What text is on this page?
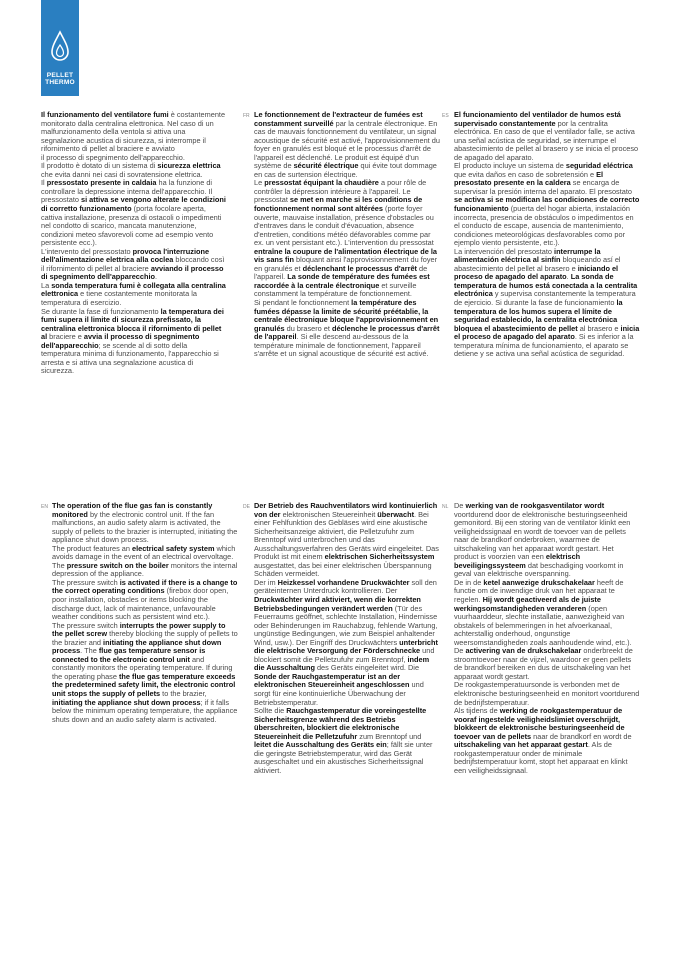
PELLET
THERMO

Il funzionamento del ventilatore fumi è costantemente monitorato dalla centralina elettronica. Nel caso di un malfunzionamento della ventola si attiva una segnalazione acustica di sicurezza, si interrompe il rifornimento di pellet al braciere e avviato
il processo di spegnimento dell'apparecchio.
Il prodotto è dotato di un sistema di sicurezza elettrica che evita danni nei casi di sovratensione elettrica.
Il pressostato presente in caldaia ha la funzione di controllare la depressione interna dell'apparecchio. Il pressostato si attiva se vengono alterate le condizioni di corretto funzionamento (porta focolare aperta, cattiva installazione, presenza di ostacoli o impedimenti nel condotto di scarico, mancata manutenzione, condizioni meteo sfavorevoli come ad esempio vento persistente ecc.).
L'intervento del pressostato provoca l'interruzione dell'alimentazione elettrica alla coclea bloccando così il rifornimento di pellet al braciere avviando il processo di spegnimento dell'apparecchio.
La sonda temperatura fumi è collegata alla centralina elettronica e tiene costantemente monitorata la temperatura di esercizio.
Se durante la fase di funzionamento la temperatura dei fumi supera il limite di sicurezza prefissato, la centralina elettronica blocca il rifornimento di pellet al braciere e avvia il processo di spegnimento dell'apparecchio; se scende al di sotto della temperatura minima di funzionamento, l'apparecchio si arresta e si attiva una segnalazione acustica di sicurezza.

FR Le fonctionnement de l'extracteur de fumées est constamment surveillé par la centrale électronique. En cas de mauvais fonctionnement du ventilateur, un signal acoustique de sécurité est activé, l'approvisionnement du foyer en granulés est bloqué et le processus d'arrêt de l'appareil est déclenché. Le produit est équipé d'un système de sécurité électrique qui évite tout dommage en cas de surtension électrique.
Le pressostat équipant la chaudière a pour rôle de contrôler la dépression intérieure à l'appareil. Le pressostat se met en marche si les conditions de fonctionnement normal sont altérées (porte foyer ouverte, mauvaise installation, présence d'obstacles ou d'entraves dans le conduit d'évacuation, absence d'entretien, conditions météo défavorables comme par ex. un vent persistant etc.). L'intervention du pressostat entraîne la coupure de l'alimentation électrique de la vis sans fin bloquant ainsi l'approvisionnement du foyer en granulés et déclenchant le processus d'arrêt de l'appareil. La sonde de température des fumées est raccordée à la centrale électronique et surveille constamment la température de fonctionnement.
Si pendant le fonctionnement la température des fumées dépasse la limite de sécurité préétablie, la centrale électronique bloque l'approvisionnement en granulés du brasero et déclenche le processus d'arrêt de l'appareil. Si elle descend au-dessous de la température minimale de fonctionnement, l'appareil s'arrête et un signal acoustique de sécurité est activé.

ES El funcionamiento del ventilador de humos está supervisado constantemente por la centralita electrónica. En caso de que el ventilador falle, se activa una señal acústica de seguridad, se interrumpe el abastecimiento de pellet al brasero y se inicia el proceso de apagado del aparato.
El producto incluye un sistema de seguridad eléctrica que evita daños en caso de sobretensión e El presostato presente en la caldera se encarga de supervisar la presión interna del aparato. El presostato se activa si se modifican las condiciones de correcto funcionamiento (puerta del hogar abierta, instalación incorrecta, presencia de obstáculos o impedimentos en el conducto de escape, ausencia de mantenimiento, condiciones meteorológicas desfavorables como por ejemplo viento persistente, etc.).
La intervención del presostato interrumpe la alimentación eléctrica al sinfín bloqueando así el abastecimiento del pellet al brasero e iniciando el proceso de apagado del aparato. La sonda de temperatura de humos está conectada a la centralita electrónica y supervisa constantemente la temperatura de ejercicio. Si durante la fase de funcionamiento la temperatura de los humos supera el límite de seguridad establecido, la centralita electrónica bloquea el abastecimiento de pellet al brasero e inicia el proceso de apagado del aparato. Si es inferior a la temperatura mínima de funcionamiento, el aparato se detiene y se activa una señal acústica de seguridad.

EN The operation of the flue gas fan is constantly monitored by the electronic control unit. If the fan malfunctions, an audio safety alarm is activated, the supply of pellets to the brazier is interrupted, initiating the appliance shut down process.
The product features an electrical safety system which avoids damage in the event of an electrical overvoltage.
The pressure switch on the boiler monitors the internal depression of the appliance.
The pressure switch is activated if there is a change to the correct operating conditions (firebox door open, poor installation, obstacles or items blocking the discharge duct, lack of maintenance, unfavourable weather conditions such as persistent wind etc.).
The pressure switch interrupts the power supply to the pellet screw thereby blocking the supply of pellets to the brazier and initiating the appliance shut down process. The flue gas temperature sensor is connected to the electronic control unit and constantly monitors the operating temperature. If during the operating phase the flue gas temperature exceeds the predetermined safety limit, the electronic control unit stops the supply of pellets to the brazier, initiating the appliance shut down process; if it falls below the minimum operating temperature, the appliance shuts down and an audio safety alarm is activated.

DE Der Betrieb des Rauchventilators wird kontinuierlich von der elektronischen Steuereinheit überwacht. Bei einer Fehlfunktion des Gebläses wird eine akustische Sicherheitsanzeige aktiviert, die Pelletzufuhr zum Brenntopf wird unterbrochen und das Ausschaltungsverfahren des Geräts wird eingeleitet. Das Produkt ist mit einem elektrischen Sicherheitssystem ausgestattet, das bei einer elektrischen Überspannung Schäden vermeidet.
Der im Heizkessel vorhandene Druckwächter soll den geräteinternen Unterdruck kontrollieren. Der Druckwächter wird aktiviert, wenn die korrekten Betriebsbedingungen verändert werden (Tür des Feuerraums geöffnet, schlechte Installation, Hindernisse oder Behinderungen im Rauchabzug, fehlende Wartung, ungünstige Bedingungen, wie zum Beispiel anhaltender Wind, usw.). Der Eingriff des Druckwächters unterbricht die elektrische Versorgung der Förderschnecke und blockiert somit die Pelletzufuhr zum Brenntopf, indem die Ausschaltung des Geräts eingeleitet wird. Die Sonde der Rauchgastemperatur ist an der elektronischen Steuereinheit angeschlossen und sorgt für eine kontinuierliche Überwachung der Betriebstemperatur.
Sollte die Rauchgastemperatur die voreingestellte Sicherheitsgrenze während des Betriebs überschreiten, blockiert die elektronische Steuereinheit die Pelletzufuhr zum Brenntopf und leitet die Ausschaltung des Geräts ein; fällt sie unter die geringste Betriebstemperatur, wird das Gerät ausgeschaltet und ein akustisches Sicherheitssignal aktiviert.

NL De werking van de rookgasventilator wordt voortdurend door de elektronische besturingseenheid gemonitord. Bij een storing van de ventilator klinkt een veiligheidssignaal en wordt de toevoer van de pellets naar de brandkorf onderbroken, waarmee de uitschakeling van het apparaat wordt gestart. Het product is voorzien van een elektrisch beveiligingssysteem dat beschadiging voorkomt in geval van elektrische overspanning.
De in de ketel aanwezige drukschakelaar heeft de functie om de inwendige druk van het apparaat te regelen. Hij wordt geactiveerd als de juiste werkingsomstandigheden veranderen (open vuurhaarddeur, slechte installatie, aanwezigheid van obstakels of belemmeringen in het afvoerkanaal, achterstallig onderhoud, ongunstige weersomstandigheden zoals aanhoudende wind, etc.). De activering van de drukschakelaar onderbreekt de stroomtoevoer naar de vijzel, waardoor er geen pellets de brandkorf bereiken en dus de uitschakeling van het apparaat wordt gestart.
De rookgastemperatuursonde is verbonden met de elektronische besturingseenheid en monitort voortdurend de bedrijfstemperatuur.
Als tijdens de werking de rookgastemperatuur de vooraf ingestelde veiligheidslimiet overschrijdt, blokkeert de elektronische besturingseenheid de toevoer van de pellets naar de brandkorf en wordt de uitschakeling van het apparaat gestart. Als de rookgastemperatuur onder de minimale bedrijfstemperatuur komt, stopt het apparaat en klinkt een veiligheidssignaal.
